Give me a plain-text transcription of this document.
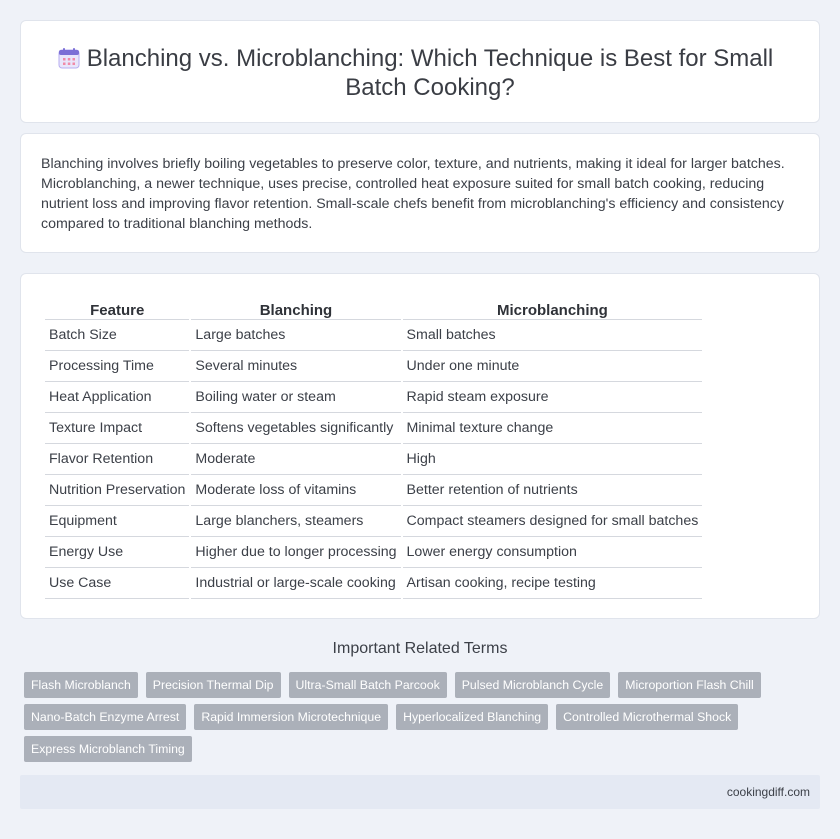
Blanching vs. Microblanching: Which Technique is Best for Small Batch Cooking?

Blanching involves briefly boiling vegetables to preserve color, texture, and nutrients, making it ideal for larger batches. Microblanching, a newer technique, uses precise, controlled heat exposure suited for small batch cooking, reducing nutrient loss and improving flavor retention. Small-scale chefs benefit from microblanching's efficiency and consistency compared to traditional blanching methods.

Feature	Blanching	Microblanching
Batch Size	Large batches	Small batches
Processing Time	Several minutes	Under one minute
Heat Application	Boiling water or steam	Rapid steam exposure
Texture Impact	Softens vegetables significantly	Minimal texture change
Flavor Retention	Moderate	High
Nutrition Preservation	Moderate loss of vitamins	Better retention of nutrients
Equipment	Large blanchers, steamers	Compact steamers designed for small batches
Energy Use	Higher due to longer processing	Lower energy consumption
Use Case	Industrial or large-scale cooking	Artisan cooking, recipe testing
Important Related Terms
Flash Microblanch	Precision Thermal Dip	Ultra-Small Batch Parcook	Pulsed Microblanch Cycle	Microportion Flash Chill
Nano-Batch Enzyme Arrest	Rapid Immersion Microtechnique	Hyperlocalized Blanching	Controlled Microthermal Shock
Express Microblanch Timing
cookingdiff.com
